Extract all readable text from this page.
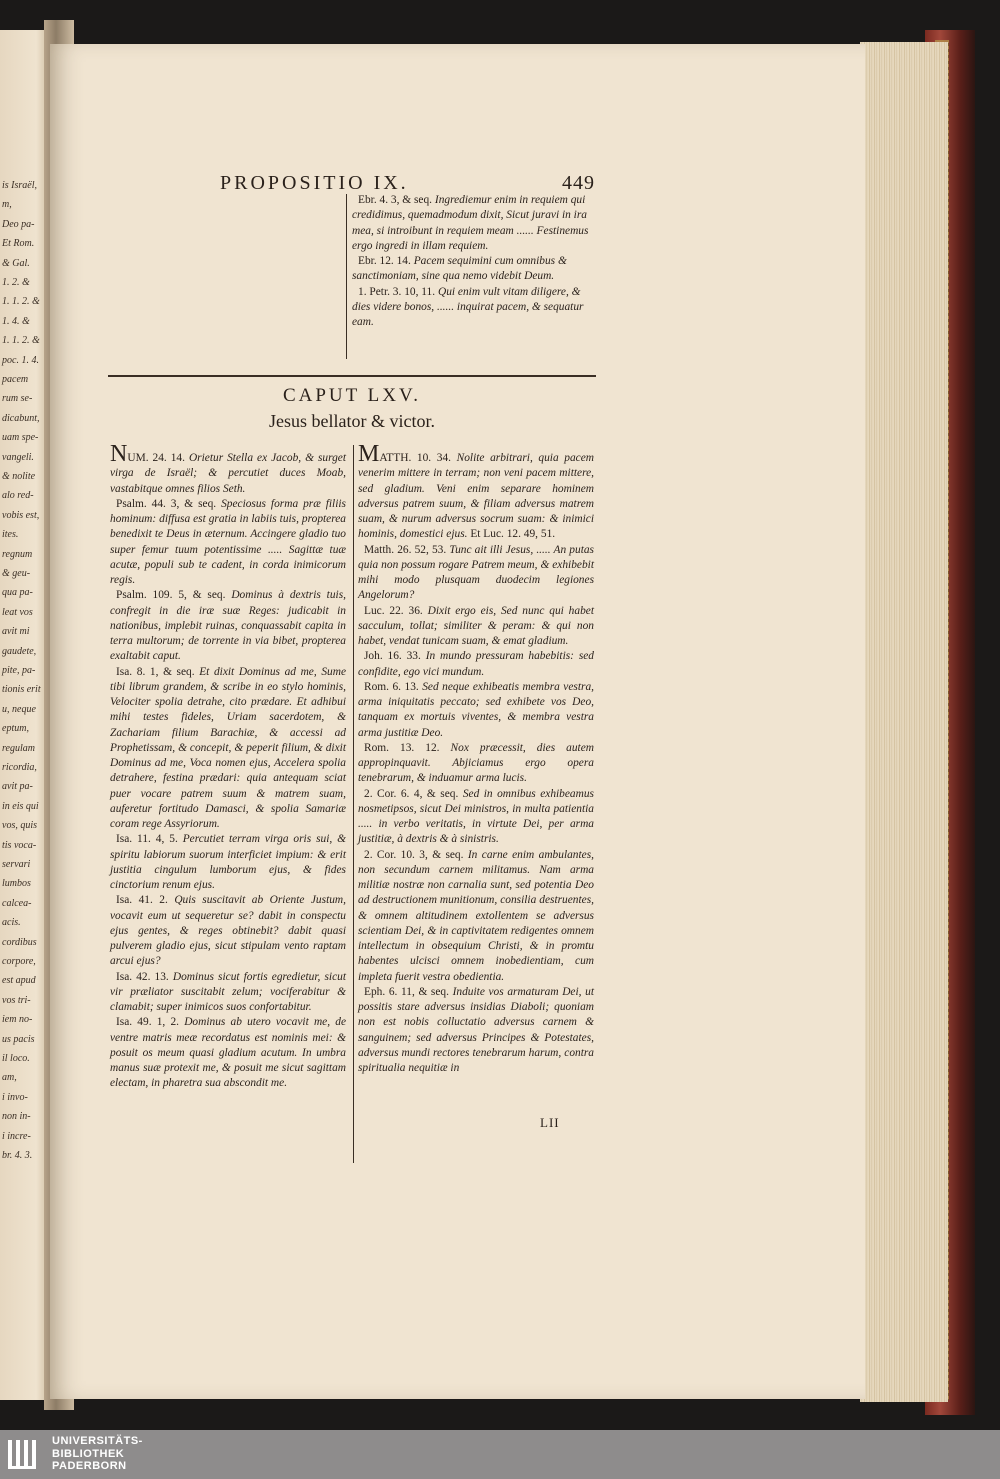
is Israël,
m,
Deo pa-
Et Rom.
& Gal.
1. 2. &
1. 1. 2. &
1. 4. &
1. 1. 2. &
poc. 1. 4.
pacem
rum se-
dicabunt,
uam spe-
vangeli.
& nolite
alo red-
vobis est,
ites.
regnum
& geu-
qua pa-
leat vos
avit mi
gaudete,
pite, pa-
tionis erit
u, neque
eptum,
regulam
ricordia,
avit pa-
in eis qui
vos, quis
tis voca-
servari
lumbos
calcea-
acis.
cordibus
corpore,
est apud
vos tri-
iem no-
us pacis
il loco.
am,
i invo-
non in-
i incre-
br. 4. 3.
PROPOSITIO IX.	449

Ebr. 4. 3, & seq. Ingrediemur enim in requiem qui credidimus, quemadmodum dixit, Sicut juravi in ira mea, si introibunt in requiem meam ...... Festinemus ergo ingredi in illam requiem.

Ebr. 12. 14. Pacem sequimini cum omnibus & sanctimoniam, sine qua nemo videbit Deum.

1. Petr. 3. 10, 11. Qui enim vult vitam diligere, & dies videre bonos, ...... inquirat pacem, & sequatur eam.

CAPUT LXV.
Jesus bellator & victor.

NUM. 24. 14. Orietur Stella ex Jacob, & surget virga de Israël; & percutiet duces Moab, vastabitque omnes filios Seth.

Psalm. 44. 3, & seq. Speciosus forma præ filiis hominum: diffusa est gratia in labiis tuis, propterea benedixit te Deus in æternum. Accingere gladio tuo super femur tuum potentissime ..... Sagittæ tuæ acutæ, populi sub te cadent, in corda inimicorum regis.

Psalm. 109. 5, & seq. Dominus à dextris tuis, confregit in die iræ suæ Reges: judicabit in nationibus, implebit ruinas, conquassabit capita in terra multorum; de torrente in via bibet, propterea exaltabit caput.

Isa. 8. 1, & seq. Et dixit Dominus ad me, Sume tibi librum grandem, & scribe in eo stylo hominis, Velociter spolia detrahe, cito prædare. Et adhibui mihi testes fideles, Uriam sacerdotem, & Zachariam filium Barachiæ, & accessi ad Prophetissam, & concepit, & peperit filium, & dixit Dominus ad me, Voca nomen ejus, Accelera spolia detrahere, festina prædari: quia antequam sciat puer vocare patrem suum & matrem suam, auferetur fortitudo Damasci, & spolia Samariæ coram rege Assyriorum.

Isa. 11. 4, 5. Percutiet terram virga oris sui, & spiritu labiorum suorum interficiet impium: & erit justitia cingulum lumborum ejus, & fides cinctorium renum ejus.

Isa. 41. 2. Quis suscitavit ab Oriente Justum, vocavit eum ut sequeretur se? dabit in conspectu ejus gentes, & reges obtinebit? dabit quasi pulverem gladio ejus, sicut stipulam vento raptam arcui ejus?

Isa. 42. 13. Dominus sicut fortis egredietur, sicut vir præliator suscitabit zelum; vociferabitur & clamabit; super inimicos suos confortabitur.

Isa. 49. 1, 2. Dominus ab utero vocavit me, de ventre matris meæ recordatus est nominis mei: & posuit os meum quasi gladium acutum. In umbra manus suæ protexit me, & posuit me sicut sagittam electam, in pharetra sua abscondit me.

MATTH. 10. 34. Nolite arbitrari, quia pacem venerim mittere in terram; non veni pacem mittere, sed gladium. Veni enim separare hominem adversus patrem suum, & filiam adversus matrem suam, & nurum adversus socrum suam: & inimici hominis, domestici ejus. Et Luc. 12. 49, 51.

Matth. 26. 52, 53. Tunc ait illi Jesus, ..... An putas quia non possum rogare Patrem meum, & exhibebit mihi modo plusquam duodecim legiones Angelorum?

Luc. 22. 36. Dixit ergo eis, Sed nunc qui habet sacculum, tollat; similiter & peram: & qui non habet, vendat tunicam suam, & emat gladium.

Joh. 16. 33. In mundo pressuram habebitis: sed confidite, ego vici mundum.

Rom. 6. 13. Sed neque exhibeatis membra vestra, arma iniquitatis peccato; sed exhibete vos Deo, tanquam ex mortuis viventes, & membra vestra arma justitiæ Deo.

Rom. 13. 12. Nox præcessit, dies autem appropinquavit. Abjiciamus ergo opera tenebrarum, & induamur arma lucis.

2. Cor. 6. 4, & seq. Sed in omnibus exhibeamus nosmetipsos, sicut Dei ministros, in multa patientia ..... in verbo veritatis, in virtute Dei, per arma justitiæ, à dextris & à sinistris.

2. Cor. 10. 3, & seq. In carne enim ambulantes, non secundum carnem militamus. Nam arma militiæ nostræ non carnalia sunt, sed potentia Deo ad destructionem munitionum, consilia destruentes, & omnem altitudinem extollentem se adversus scientiam Dei, & in captivitatem redigentes omnem intellectum in obsequium Christi, & in promtu habentes ulcisci omnem inobedientiam, cum impleta fuerit vestra obedientia.

Eph. 6. 11, & seq. Induite vos armaturam Dei, ut possitis stare adversus insidias Diaboli; quoniam non est nobis colluctatio adversus carnem & sanguinem; sed adversus Principes & Potestates, adversus mundi rectores tenebrarum harum, contra spiritualia nequitiæ in

LII
UNIVERSITÄTS-
BIBLIOTHEK
PADERBORN
